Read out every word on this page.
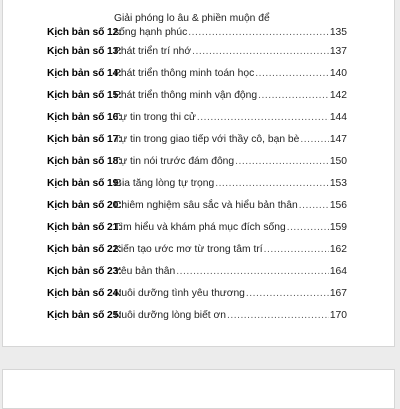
Kịch bản số 12:
Giải phóng lo âu & phiền muộn để
sống hạnh phúc .....	135
Kịch bản số 13:
Phát triển trí nhớ .....	137
Kịch bản số 14:
Phát triển thông minh toán học .....	140
Kịch bản số 15:
Phát triển thông minh vận động .....	142
Kịch bản số 16:
Tự tin trong thi cử .....	144
Kịch bản số 17:
Tự tin trong giao tiếp với thầy cô, bạn bè .....	147
Kịch bản số 18:
Tự tin nói trước đám đông .....	150
Kịch bản số 19:
Gia tăng lòng tự trọng .....	153
Kịch bản số 20:
Chiêm nghiệm sâu sắc và hiểu bản thân .....	156
Kịch bản số 21:
Tìm hiểu và khám phá mục đích sống .....	159
Kịch bản số 22:
Kiến tạo ước mơ từ trong tâm trí .....	162
Kịch bản số 23:
Yêu bản thân .....	164
Kịch bản số 24:
Nuôi dưỡng tình yêu thương .....	167
Kịch bản số 25:
Nuôi dưỡng lòng biết ơn .....	170
